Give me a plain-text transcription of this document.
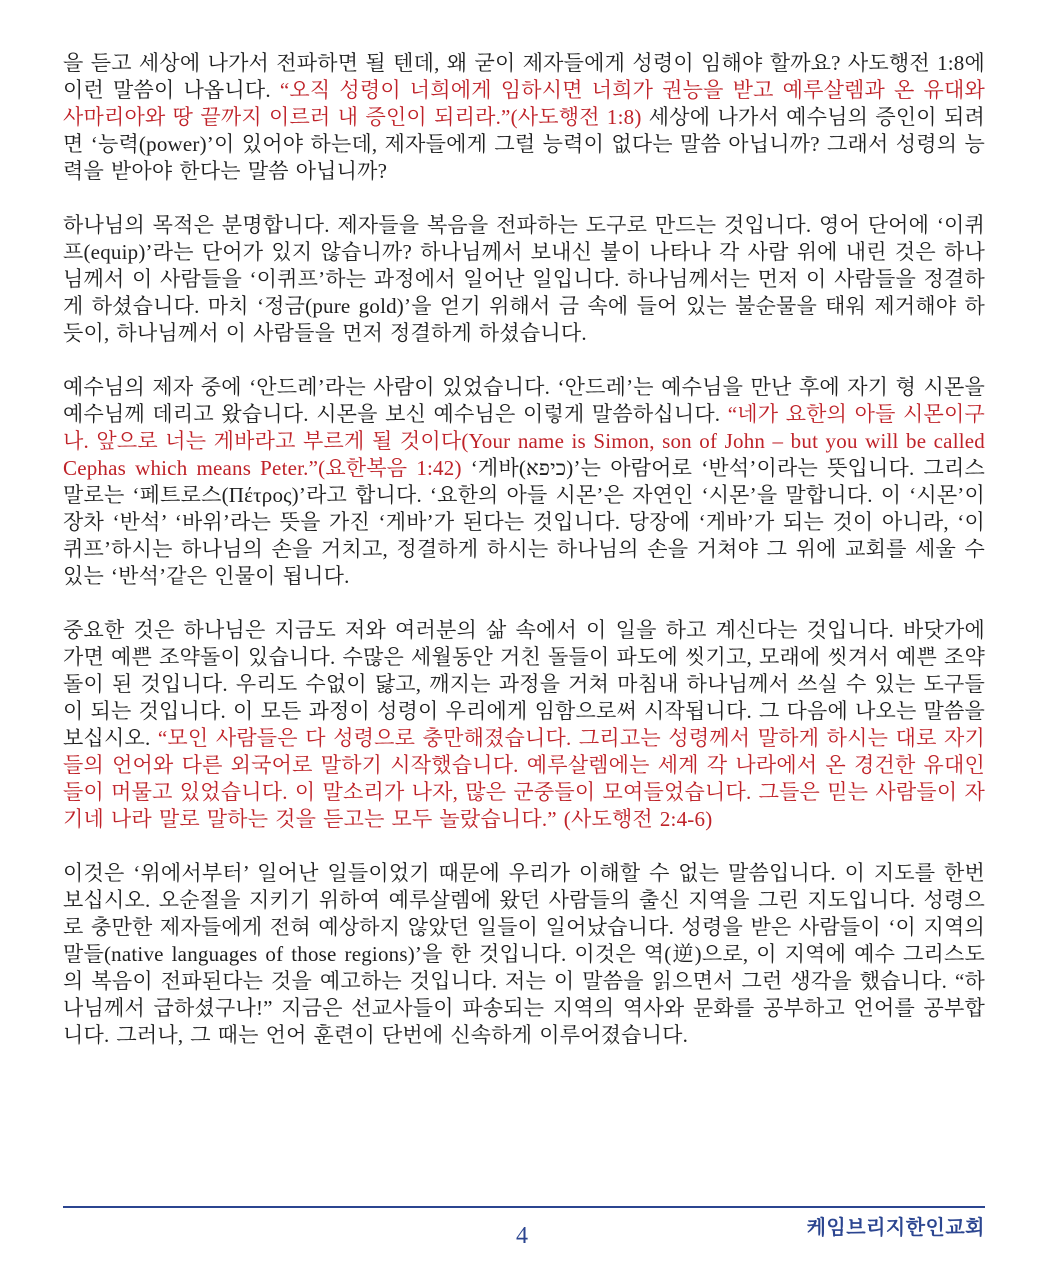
을 듣고 세상에 나가서 전파하면 될 텐데, 왜 굳이 제자들에게 성령이 임해야 할까요? 사도행전 1:8에 이런 말씀이 나옵니다. “오직 성령이 너희에게 임하시면 너희가 권능을 받고 예루살렘과 온 유대와 사마리아와 땅 끝까지 이르러 내 증인이 되리라.”(사도행전 1:8) 세상에 나가서 예수님의 증인이 되려면 ‘능력(power)’이 있어야 하는데, 제자들에게 그럴 능력이 없다는 말씀 아닙니까? 그래서 성령의 능력을 받아야 한다는 말씀 아닙니까?

하나님의 목적은 분명합니다. 제자들을 복음을 전파하는 도구로 만드는 것입니다. 영어 단어에 ‘이퀴프(equip)’라는 단어가 있지 않습니까? 하나님께서 보내신 불이 나타나 각 사람 위에 내린 것은 하나님께서 이 사람들을 ‘이퀴프’하는 과정에서 일어난 일입니다. 하나님께서는 먼저 이 사람들을 정결하게 하셨습니다. 마치 ‘정금(pure gold)’을 얻기 위해서 금 속에 들어 있는 불순물을 태워 제거해야 하듯이, 하나님께서 이 사람들을 먼저 정결하게 하셨습니다.

예수님의 제자 중에 ‘안드레’라는 사람이 있었습니다. ‘안드레’는 예수님을 만난 후에 자기 형 시몬을 예수님께 데리고 왔습니다. 시몬을 보신 예수님은 이렇게 말씀하십니다. “네가 요한의 아들 시몬이구나. 앞으로 너는 게바라고 부르게 될 것이다(Your name is Simon, son of John – but you will be called Cephas which means Peter.”(요한복음 1:42) ‘게바(כיפא)’는 아람어로 ‘반석’이라는 뜻입니다. 그리스 말로는 ‘페트로스(Πέτρος)’라고 합니다. ‘요한의 아들 시몬’은 자연인 ‘시몬’을 말합니다. 이 ‘시몬’이 장차 ‘반석’ ‘바위’라는 뜻을 가진 ‘게바’가 된다는 것입니다. 당장에 ‘게바’가 되는 것이 아니라, ‘이퀴프’하시는 하나님의 손을 거치고, 정결하게 하시는 하나님의 손을 거쳐야 그 위에 교회를 세울 수 있는 ‘반석’같은 인물이 됩니다.

중요한 것은 하나님은 지금도 저와 여러분의 삶 속에서 이 일을 하고 계신다는 것입니다. 바닷가에 가면 예쁜 조약돌이 있습니다. 수많은 세월동안 거친 돌들이 파도에 씻기고, 모래에 씻겨서 예쁜 조약돌이 된 것입니다. 우리도 수없이 닳고, 깨지는 과정을 거쳐 마침내 하나님께서 쓰실 수 있는 도구들이 되는 것입니다. 이 모든 과정이 성령이 우리에게 임함으로써 시작됩니다. 그 다음에 나오는 말씀을 보십시오. “모인 사람들은 다 성령으로 충만해졌습니다. 그리고는 성령께서 말하게 하시는 대로 자기들의 언어와 다른 외국어로 말하기 시작했습니다. 예루살렘에는 세계 각 나라에서 온 경건한 유대인들이 머물고 있었습니다. 이 말소리가 나자, 많은 군중들이 모여들었습니다. 그들은 믿는 사람들이 자기네 나라 말로 말하는 것을 듣고는 모두 놀랐습니다.” (사도행전 2:4-6)

이것은 ‘위에서부터’ 일어난 일들이었기 때문에 우리가 이해할 수 없는 말씀입니다. 이 지도를 한번 보십시오. 오순절을 지키기 위하여 예루살렘에 왔던 사람들의 출신 지역을 그린 지도입니다. 성령으로 충만한 제자들에게 전혀 예상하지 않았던 일들이 일어났습니다. 성령을 받은 사람들이 ‘이 지역의 말들(native languages of those regions)’을 한 것입니다. 이것은 역(逆)으로, 이 지역에 예수 그리스도의 복음이 전파된다는 것을 예고하는 것입니다. 저는 이 말씀을 읽으면서 그런 생각을 했습니다. “하나님께서 급하셨구나!” 지금은 선교사들이 파송되는 지역의 역사와 문화를 공부하고 언어를 공부합니다. 그러나, 그 때는 언어 훈련이 단번에 신속하게 이루어졌습니다.

케임브리지한인교회
4
